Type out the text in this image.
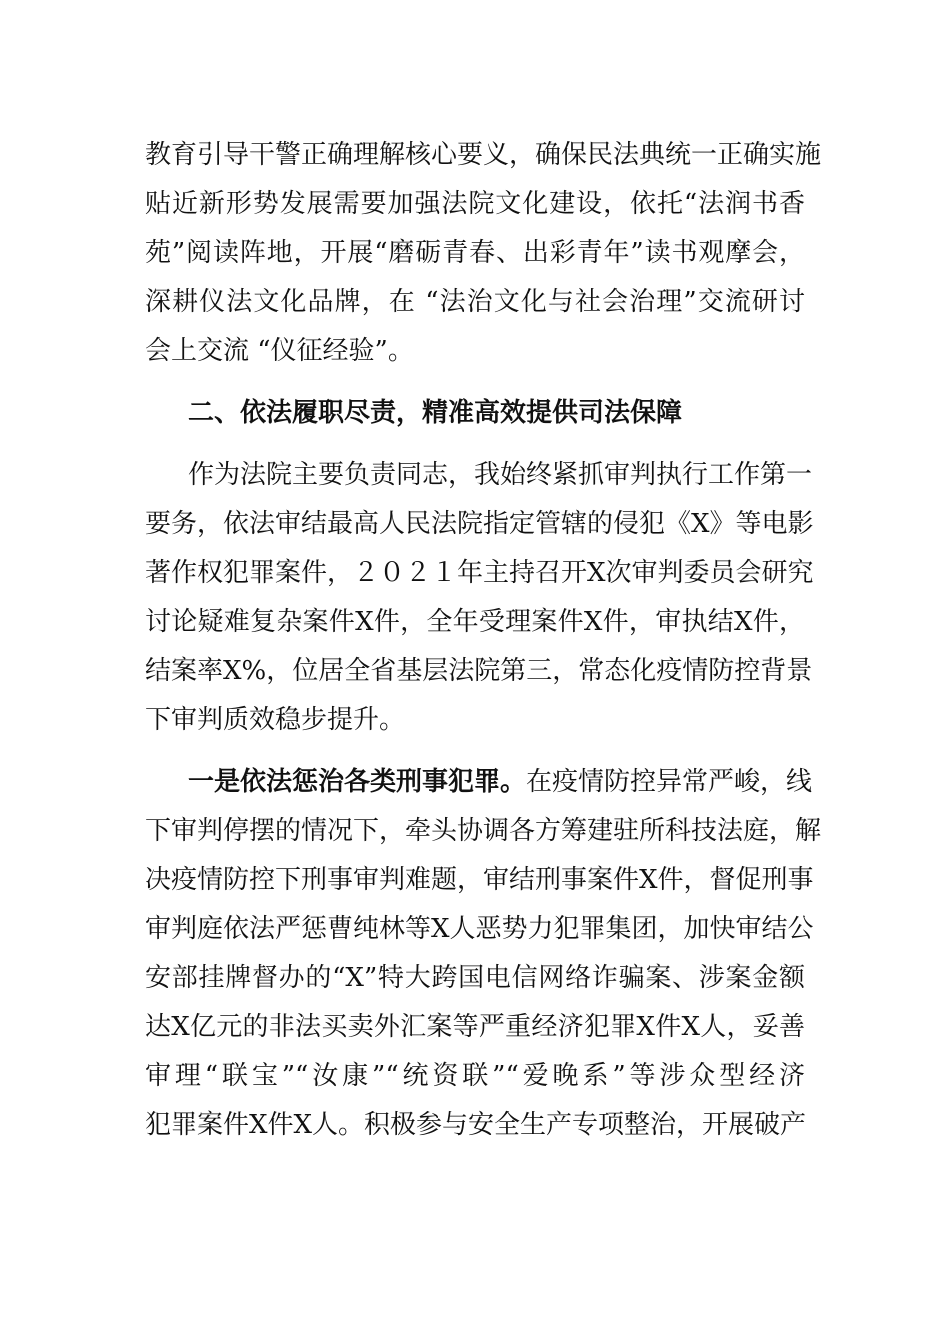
教育引导干警正确理解核心要义，确保民法典统一正确实施
贴近新形势发展需要加强法院文化建设，依托“法润书香
苑”阅读阵地，开展“磨砺青春、出彩青年”读书观摩会，
深耕仪法文化品牌，在 “法治文化与社会治理”交流研讨
会上交流 “仪征经验”。
二、依法履职尽责，精准高效提供司法保障
作为法院主要负责同志，我始终紧抓审判执行工作第一
要务，依法审结最高人民法院指定管辖的侵犯《X》等电影
著作权犯罪案件，２０２１年主持召开X次审判委员会研究
讨论疑难复杂案件X件，全年受理案件X件，审执结X件，
结案率X%，位居全省基层法院第三，常态化疫情防控背景
下审判质效稳步提升。
一是依法惩治各类刑事犯罪。在疫情防控异常严峻，线
下审判停摆的情况下，牵头协调各方筹建驻所科技法庭，解
决疫情防控下刑事审判难题，审结刑事案件X件，督促刑事
审判庭依法严惩曹纯林等X人恶势力犯罪集团，加快审结公
安部挂牌督办的“X”特大跨国电信网络诈骗案、涉案金额
达X亿元的非法买卖外汇案等严重经济犯罪X件X人，妥善
审理“联宝”“汝康”“统资联”“爱晚系”等涉众型经济
犯罪案件X件X人。积极参与安全生产专项整治，开展破产
